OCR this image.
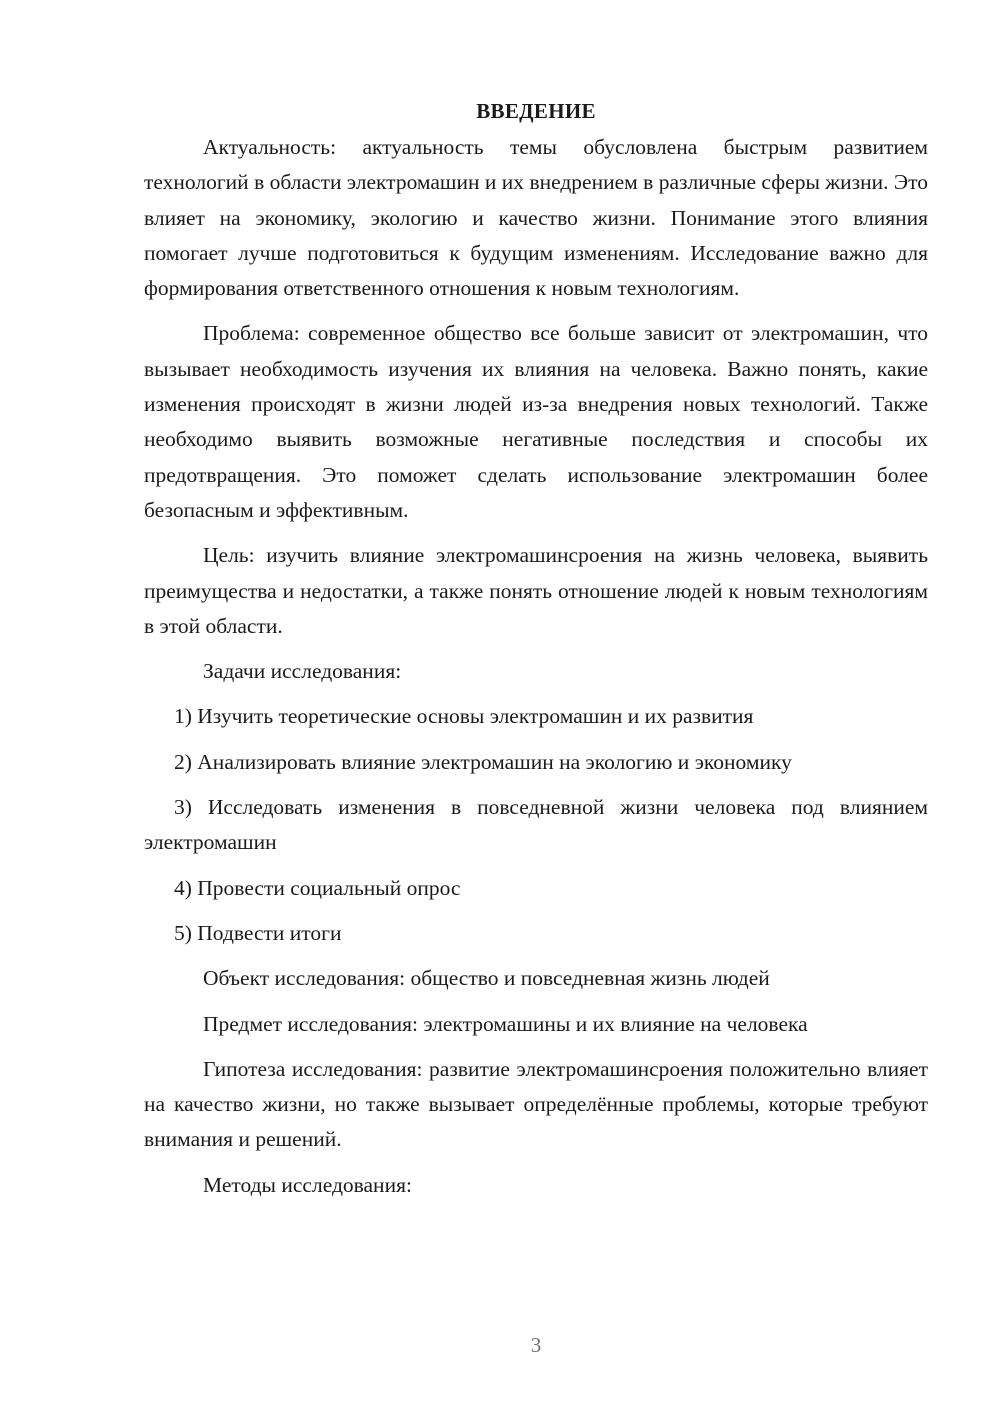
ВВЕДЕНИЕ

Актуальность: актуальность темы обусловлена быстрым развитием технологий в области электромашин и их внедрением в различные сферы жизни. Это влияет на экономику, экологию и качество жизни. Понимание этого влияния помогает лучше подготовиться к будущим изменениям. Исследование важно для формирования ответственного отношения к новым технологиям.

Проблема: современное общество все больше зависит от электромашин, что вызывает необходимость изучения их влияния на человека. Важно понять, какие изменения происходят в жизни людей из-за внедрения новых технологий. Также необходимо выявить возможные негативные последствия и способы их предотвращения. Это поможет сделать использование электромашин более безопасным и эффективным.

Цель: изучить влияние электромашинсроения на жизнь человека, выявить преимущества и недостатки, а также понять отношение людей к новым технологиям в этой области.

Задачи исследования:

1) Изучить теоретические основы электромашин и их развития

2) Анализировать влияние электромашин на экологию и экономику

3) Исследовать изменения в повседневной жизни человека под влиянием электромашин

4) Провести социальный опрос

5) Подвести итоги

Объект исследования: общество и повседневная жизнь людей

Предмет исследования: электромашины и их влияние на человека

Гипотеза исследования: развитие электромашинсроения положительно влияет на качество жизни, но также вызывает определённые проблемы, которые требуют внимания и решений.

Методы исследования:

3
